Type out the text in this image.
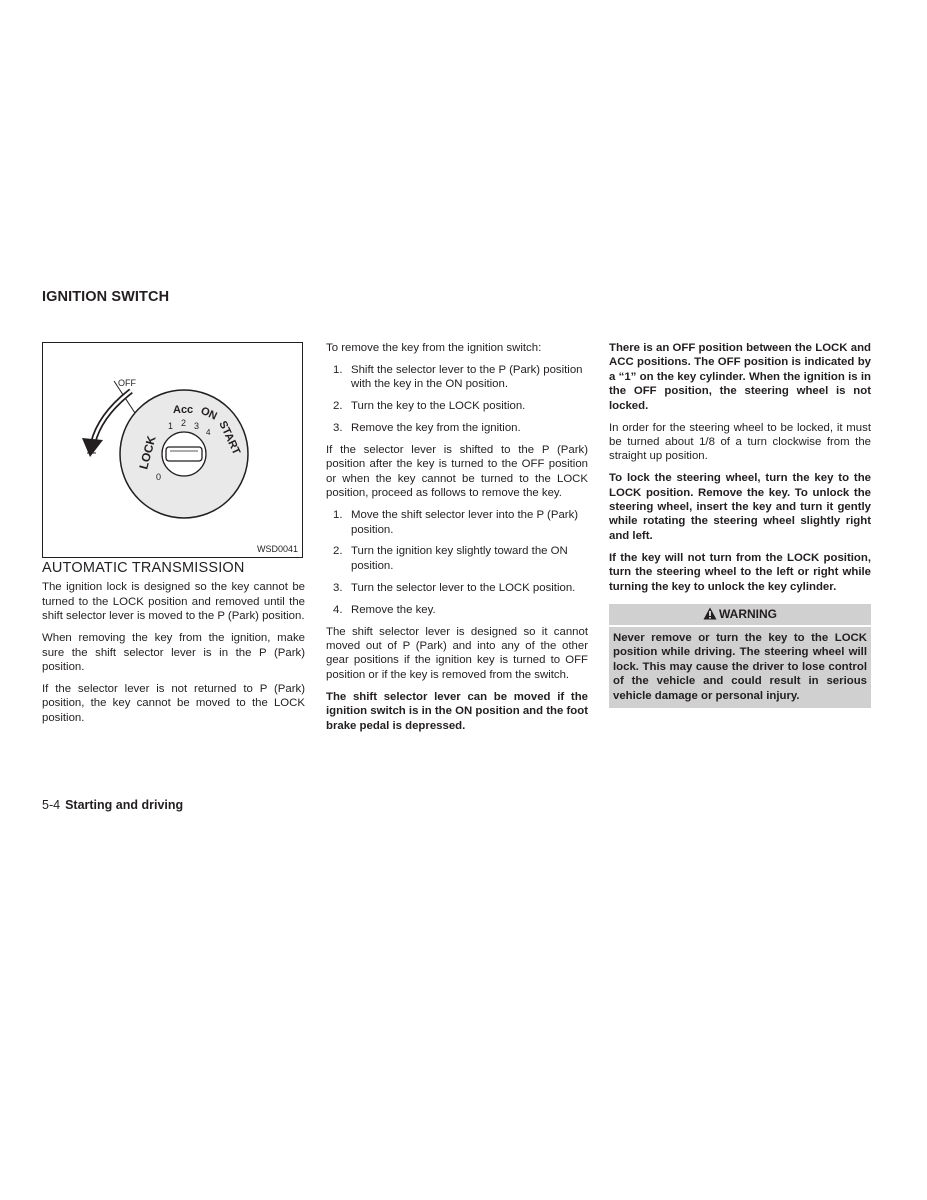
IGNITION SWITCH
OFF
LOCK
0
1 2 3
4
Acc ON
START
WSD0041
AUTOMATIC TRANSMISSION

The ignition lock is designed so the key cannot be turned to the LOCK position and removed until the shift selector lever is moved to the P (Park) position.

When removing the key from the ignition, make sure the shift selector lever is in the P (Park) position.

If the selector lever is not returned to P (Park) position, the key cannot be moved to the LOCK position.

To remove the key from the ignition switch:

1. Shift the selector lever to the P (Park) position with the key in the ON position.
2. Turn the key to the LOCK position.
3. Remove the key from the ignition.

If the selector lever is shifted to the P (Park) position after the key is turned to the OFF position or when the key cannot be turned to the LOCK position, proceed as follows to remove the key.

1. Move the shift selector lever into the P (Park) position.
2. Turn the ignition key slightly toward the ON position.
3. Turn the selector lever to the LOCK position.
4. Remove the key.

The shift selector lever is designed so it cannot moved out of P (Park) and into any of the other gear positions if the ignition key is turned to OFF position or if the key is removed from the switch.

The shift selector lever can be moved if the ignition switch is in the ON position and the foot brake pedal is depressed.

There is an OFF position between the LOCK and ACC positions. The OFF position is indicated by a “1” on the key cylinder. When the ignition is in the OFF position, the steering wheel is not locked.

In order for the steering wheel to be locked, it must be turned about 1/8 of a turn clockwise from the straight up position.

To lock the steering wheel, turn the key to the LOCK position. Remove the key. To unlock the steering wheel, insert the key and turn it gently while rotating the steering wheel slightly right and left.

If the key will not turn from the LOCK position, turn the steering wheel to the left or right while turning the key to unlock the key cylinder.

WARNING
Never remove or turn the key to the LOCK position while driving. The steering wheel will lock. This may cause the driver to lose control of the vehicle and could result in serious vehicle damage or personal injury.
5-4 Starting and driving
